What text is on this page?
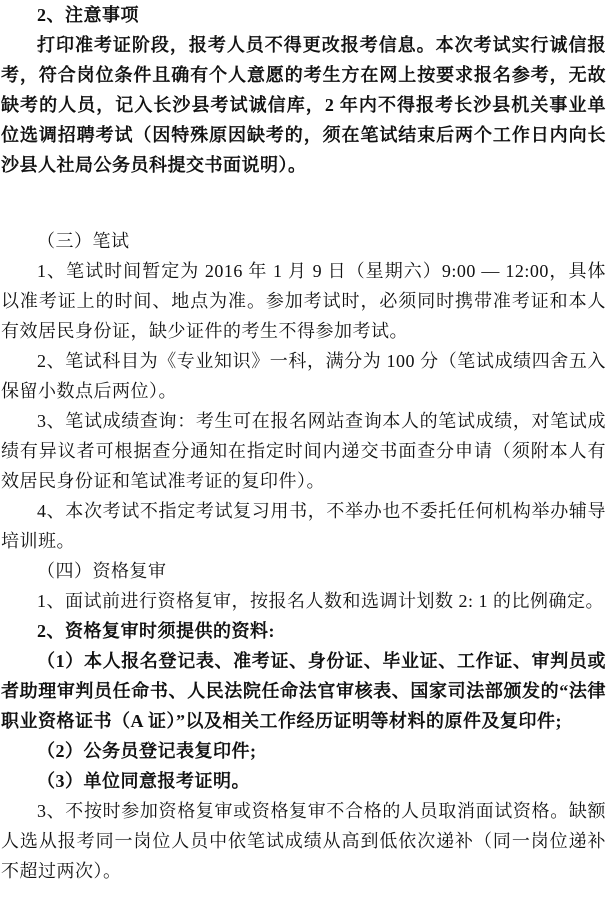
2、注意事项

打印准考证阶段，报考人员不得更改报考信息。本次考试实行诚信报考，符合岗位条件且确有个人意愿的考生方在网上按要求报名参考，无故缺考的人员，记入长沙县考试诚信库，2 年内不得报考长沙县机关事业单位选调招聘考试（因特殊原因缺考的，须在笔试结束后两个工作日内向长沙县人社局公务员科提交书面说明）。

（三）笔试

1、笔试时间暂定为 2016 年 1 月 9 日（星期六）9:00 — 12:00，具体以准考证上的时间、地点为准。参加考试时，必须同时携带准考证和本人有效居民身份证，缺少证件的考生不得参加考试。

2、笔试科目为《专业知识》一科，满分为 100 分（笔试成绩四舍五入保留小数点后两位）。

3、笔试成绩查询：考生可在报名网站查询本人的笔试成绩，对笔试成绩有异议者可根据查分通知在指定时间内递交书面查分申请（须附本人有效居民身份证和笔试准考证的复印件）。

4、本次考试不指定考试复习用书，不举办也不委托任何机构举办辅导培训班。

（四）资格复审

1、面试前进行资格复审，按报名人数和选调计划数 2: 1 的比例确定。

2、资格复审时须提供的资料:

（1）本人报名登记表、准考证、身份证、毕业证、工作证、审判员或者助理审判员任命书、人民法院任命法官审核表、国家司法部颁发的“法律职业资格证书（A 证）”以及相关工作经历证明等材料的原件及复印件;

（2）公务员登记表复印件;

（3）单位同意报考证明。

3、不按时参加资格复审或资格复审不合格的人员取消面试资格。缺额人选从报考同一岗位人员中依笔试成绩从高到低依次递补（同一岗位递补不超过两次）。
